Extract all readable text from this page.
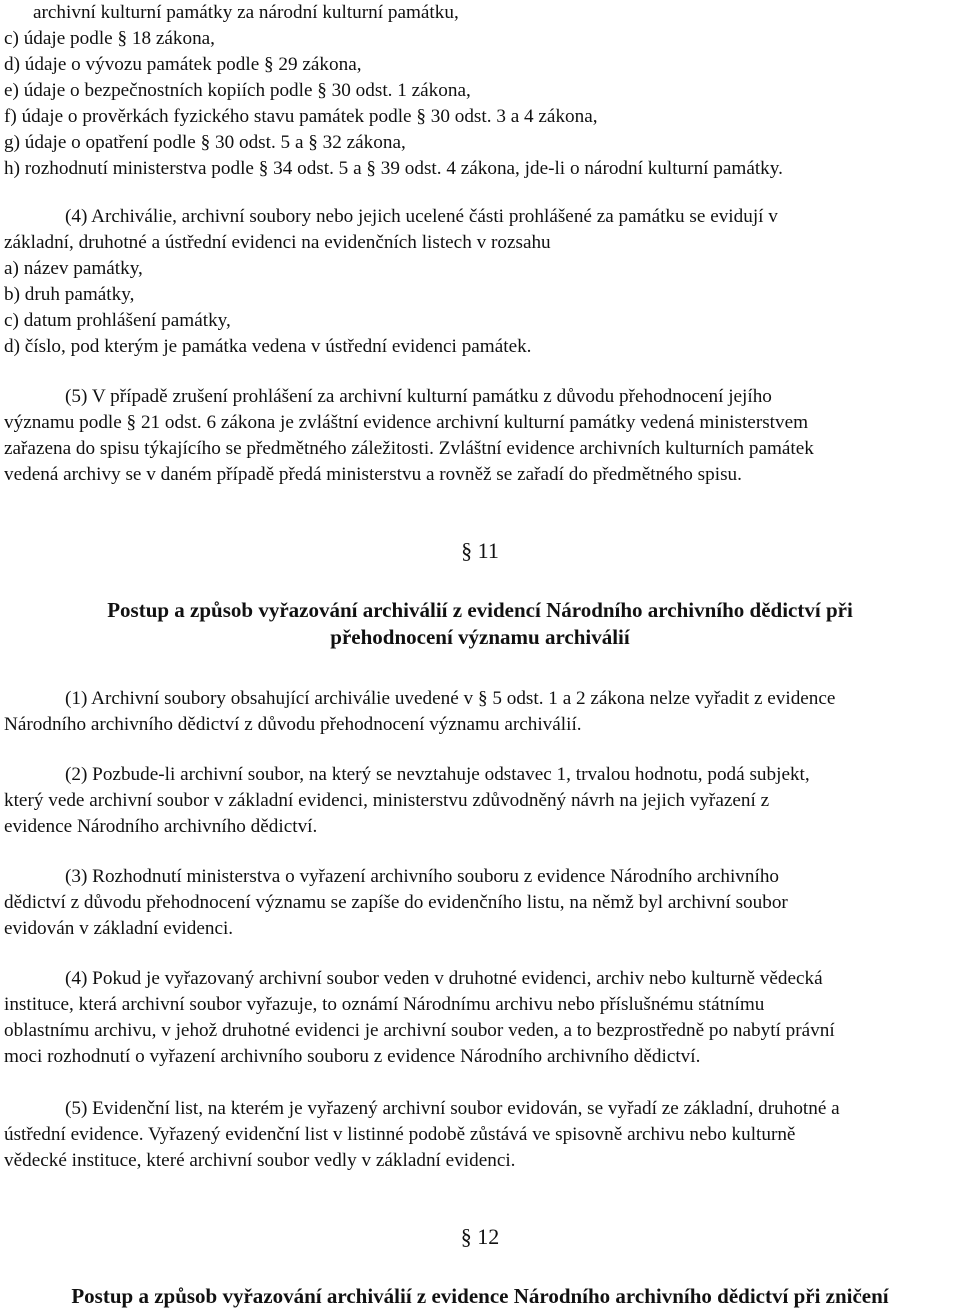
archivní kulturní památky za národní kulturní památku,
c) údaje podle § 18 zákona,
d) údaje o vývozu památek podle § 29 zákona,
e) údaje o bezpečnostních kopiích podle § 30 odst. 1 zákona,
f) údaje o prověrkách fyzického stavu památek podle § 30 odst. 3 a 4 zákona,
g) údaje o opatření podle § 30 odst. 5 a § 32 zákona,
h) rozhodnutí ministerstva podle § 34 odst. 5 a § 39 odst. 4 zákona, jde-li o národní kulturní památky.
(4) Archiválie, archivní soubory nebo jejich ucelené části prohlášené za památku se evidují v
základní, druhotné a ústřední evidenci na evidenčních listech v rozsahu
a) název památky,
b) druh památky,
c) datum prohlášení památky,
d) číslo, pod kterým je památka vedena v ústřední evidenci památek.
(5) V případě zrušení prohlášení za archivní kulturní památku z důvodu přehodnocení jejího
významu podle § 21 odst. 6 zákona je zvláštní evidence archivní kulturní památky vedená ministerstvem
zařazena do spisu týkajícího se předmětného záležitosti. Zvláštní evidence archivních kulturních památek
vedená archivy se v daném případě předá ministerstvu a rovněž se zařadí do předmětného spisu.
§ 11
Postup a způsob vyřazování archiválií z evidencí Národního archivního dědictví při
přehodnocení významu archiválií
(1) Archivní soubory obsahující archiválie uvedené v § 5 odst. 1 a 2 zákona nelze vyřadit z evidence
Národního archivního dědictví z důvodu přehodnocení významu archiválií.
(2) Pozbude-li archivní soubor, na který se nevztahuje odstavec 1, trvalou hodnotu, podá subjekt,
který vede archivní soubor v základní evidenci, ministerstvu zdůvodněný návrh na jejich vyřazení z
evidence Národního archivního dědictví.
(3) Rozhodnutí ministerstva o vyřazení archivního souboru z evidence Národního archivního
dědictví z důvodu přehodnocení významu se zapíše do evidenčního listu, na němž byl archivní soubor
evidován v základní evidenci.
(4) Pokud je vyřazovaný archivní soubor veden v druhotné evidenci, archiv nebo kulturně vědecká
instituce, která archivní soubor vyřazuje, to oznámí Národnímu archivu nebo příslušnému státnímu
oblastnímu archivu, v jehož druhotné evidenci je archivní soubor veden, a to bezprostředně po nabytí právní
moci rozhodnutí o vyřazení archivního souboru z evidence Národního archivního dědictví.
(5) Evidenční list, na kterém je vyřazený archivní soubor evidován, se vyřadí ze základní, druhotné a
ústřední evidence. Vyřazený evidenční list v listinné podobě zůstává ve spisovně archivu nebo kulturně
vědecké instituce, které archivní soubor vedly v základní evidenci.
§ 12
Postup a způsob vyřazování archiválií z evidence Národního archivního dědictví při zničení
